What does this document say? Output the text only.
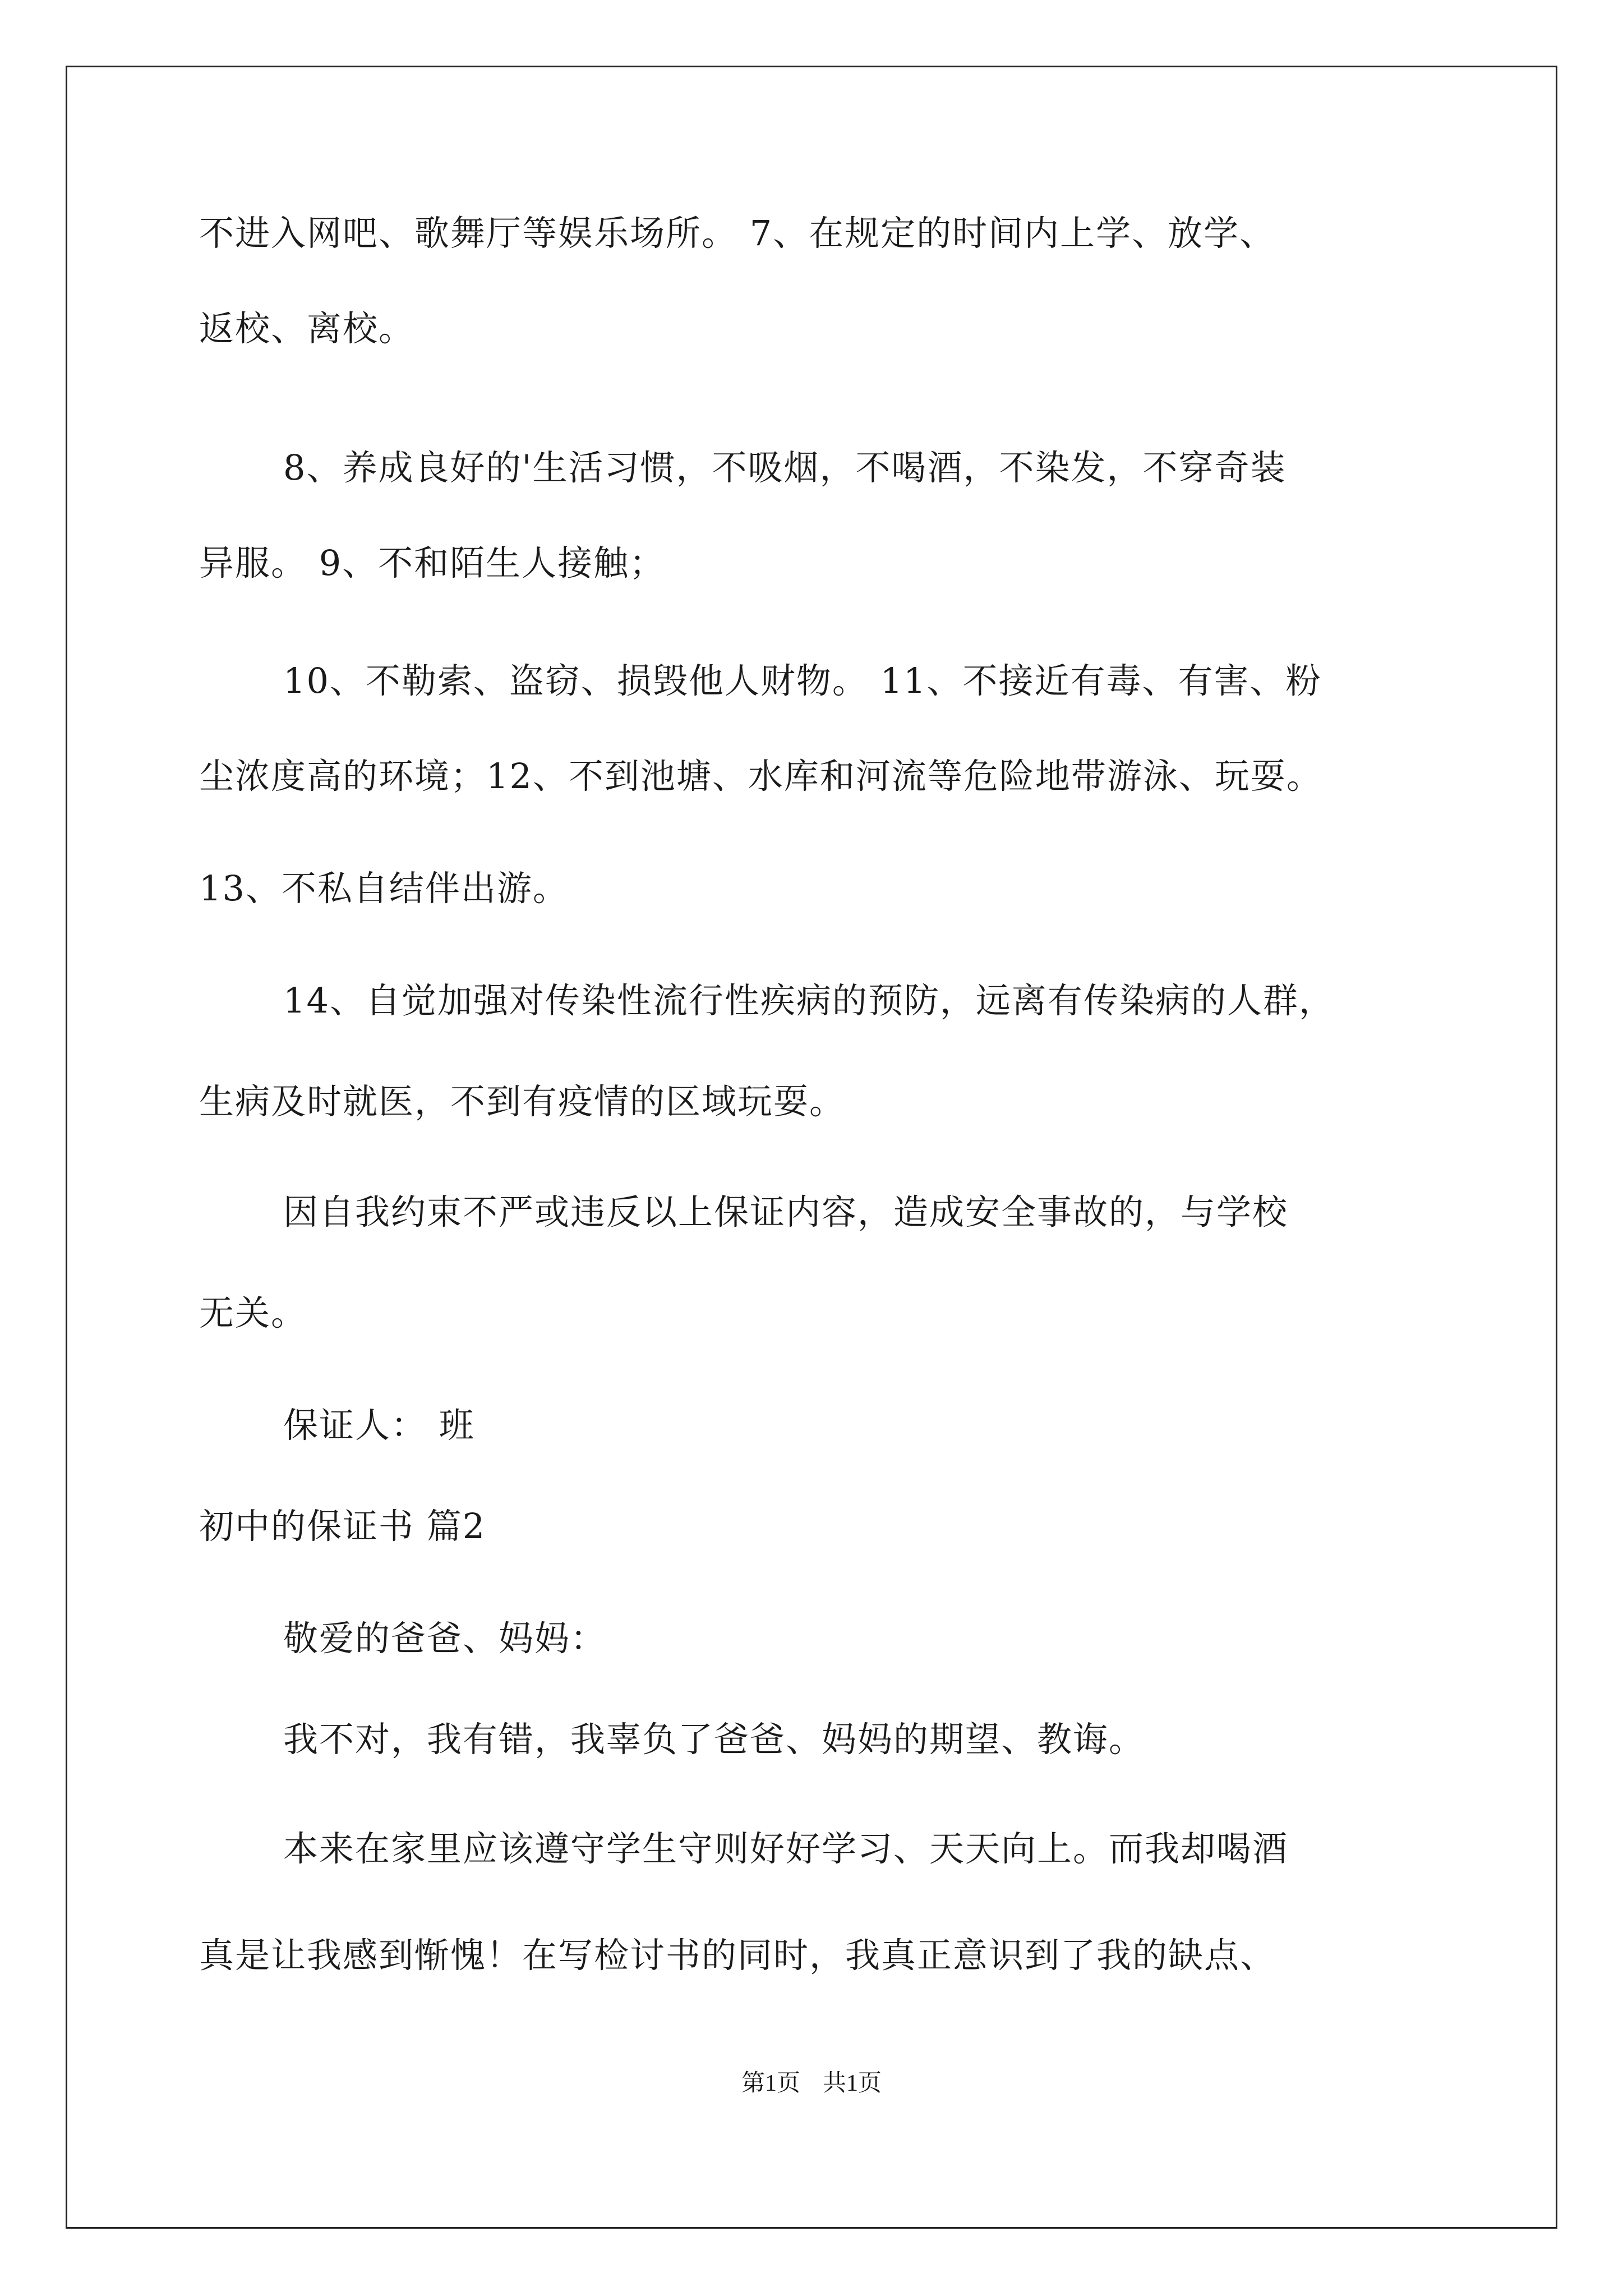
不进入网吧、歌舞厅等娱乐场所。 7、在规定的时间内上学、放学、
返校、离校。
8、养成良好的'生活习惯，不吸烟，不喝酒，不染发，不穿奇装
异服。 9、不和陌生人接触；
10、不勒索、盗窃、损毁他人财物。 11、不接近有毒、有害、粉
尘浓度高的环境；12、不到池塘、水库和河流等危险地带游泳、玩耍。
13、不私自结伴出游。
14、自觉加强对传染性流行性疾病的预防，远离有传染病的人群，
生病及时就医，不到有疫情的区域玩耍。
因自我约束不严或违反以上保证内容，造成安全事故的，与学校
无关。
保证人： 班
初中的保证书 篇2
敬爱的爸爸、妈妈：
我不对，我有错，我辜负了爸爸、妈妈的期望、教诲。
本来在家里应该遵守学生守则好好学习、天天向上。而我却喝酒
真是让我感到惭愧！在写检讨书的同时，我真正意识到了我的缺点、
第1页 共1页
